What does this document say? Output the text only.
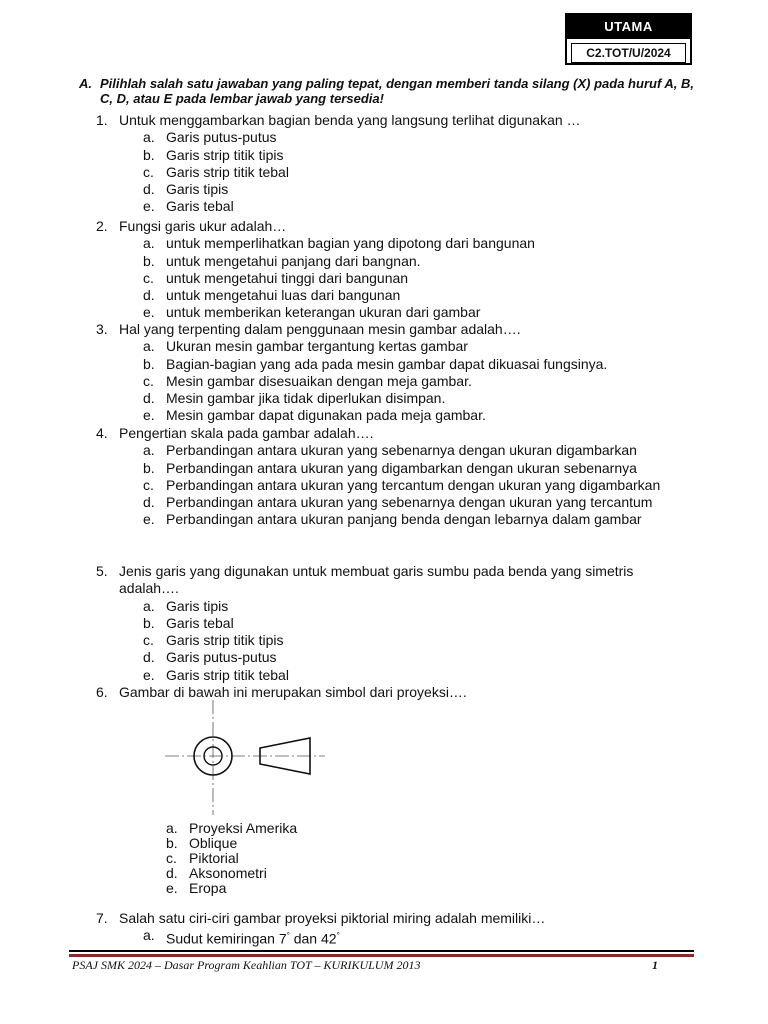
UTAMA
C2.TOT/U/2024
A. Pilihlah salah satu jawaban yang paling tepat, dengan memberi tanda silang (X) pada huruf A, B, C, D, atau E pada lembar jawab yang tersedia!
1. Untuk menggambarkan bagian benda yang langsung terlihat digunakan …
a. Garis putus-putus
b. Garis strip titik tipis
c. Garis strip titik tebal
d. Garis tipis
e. Garis tebal
2. Fungsi garis ukur adalah…
a. untuk memperlihatkan bagian yang dipotong dari bangunan
b. untuk mengetahui panjang dari bangnan.
c. untuk mengetahui tinggi dari bangunan
d. untuk mengetahui luas dari bangunan
e. untuk memberikan keterangan ukuran dari gambar
3. Hal yang terpenting dalam penggunaan mesin gambar adalah….
a. Ukuran mesin gambar tergantung kertas gambar
b. Bagian-bagian yang ada pada mesin gambar dapat dikuasai fungsinya.
c. Mesin gambar disesuaikan dengan meja gambar.
d. Mesin gambar jika tidak diperlukan disimpan.
e. Mesin gambar dapat digunakan pada meja gambar.
4. Pengertian skala pada gambar adalah….
a. Perbandingan antara ukuran yang sebenarnya dengan ukuran digambarkan
b. Perbandingan antara ukuran yang digambarkan dengan ukuran sebenarnya
c. Perbandingan antara ukuran yang tercantum dengan ukuran yang digambarkan
d. Perbandingan antara ukuran yang sebenarnya dengan ukuran yang tercantum
e. Perbandingan antara ukuran panjang benda dengan lebarnya dalam gambar
5. Jenis garis yang digunakan untuk membuat garis sumbu pada benda yang simetris adalah….
a. Garis tipis
b. Garis tebal
c. Garis strip titik tipis
d. Garis putus-putus
e. Garis strip titik tebal
6. Gambar di bawah ini merupakan simbol dari proyeksi….
a. Proyeksi Amerika
b. Oblique
c. Piktorial
d. Aksonometri
e. Eropa
7. Salah satu ciri-ciri gambar proyeksi piktorial miring adalah memiliki…
a. Sudut kemiringan 7° dan 42°
PSAJ SMK 2024 – Dasar Program Keahlian TOT – KURIKULUM 2013	1
